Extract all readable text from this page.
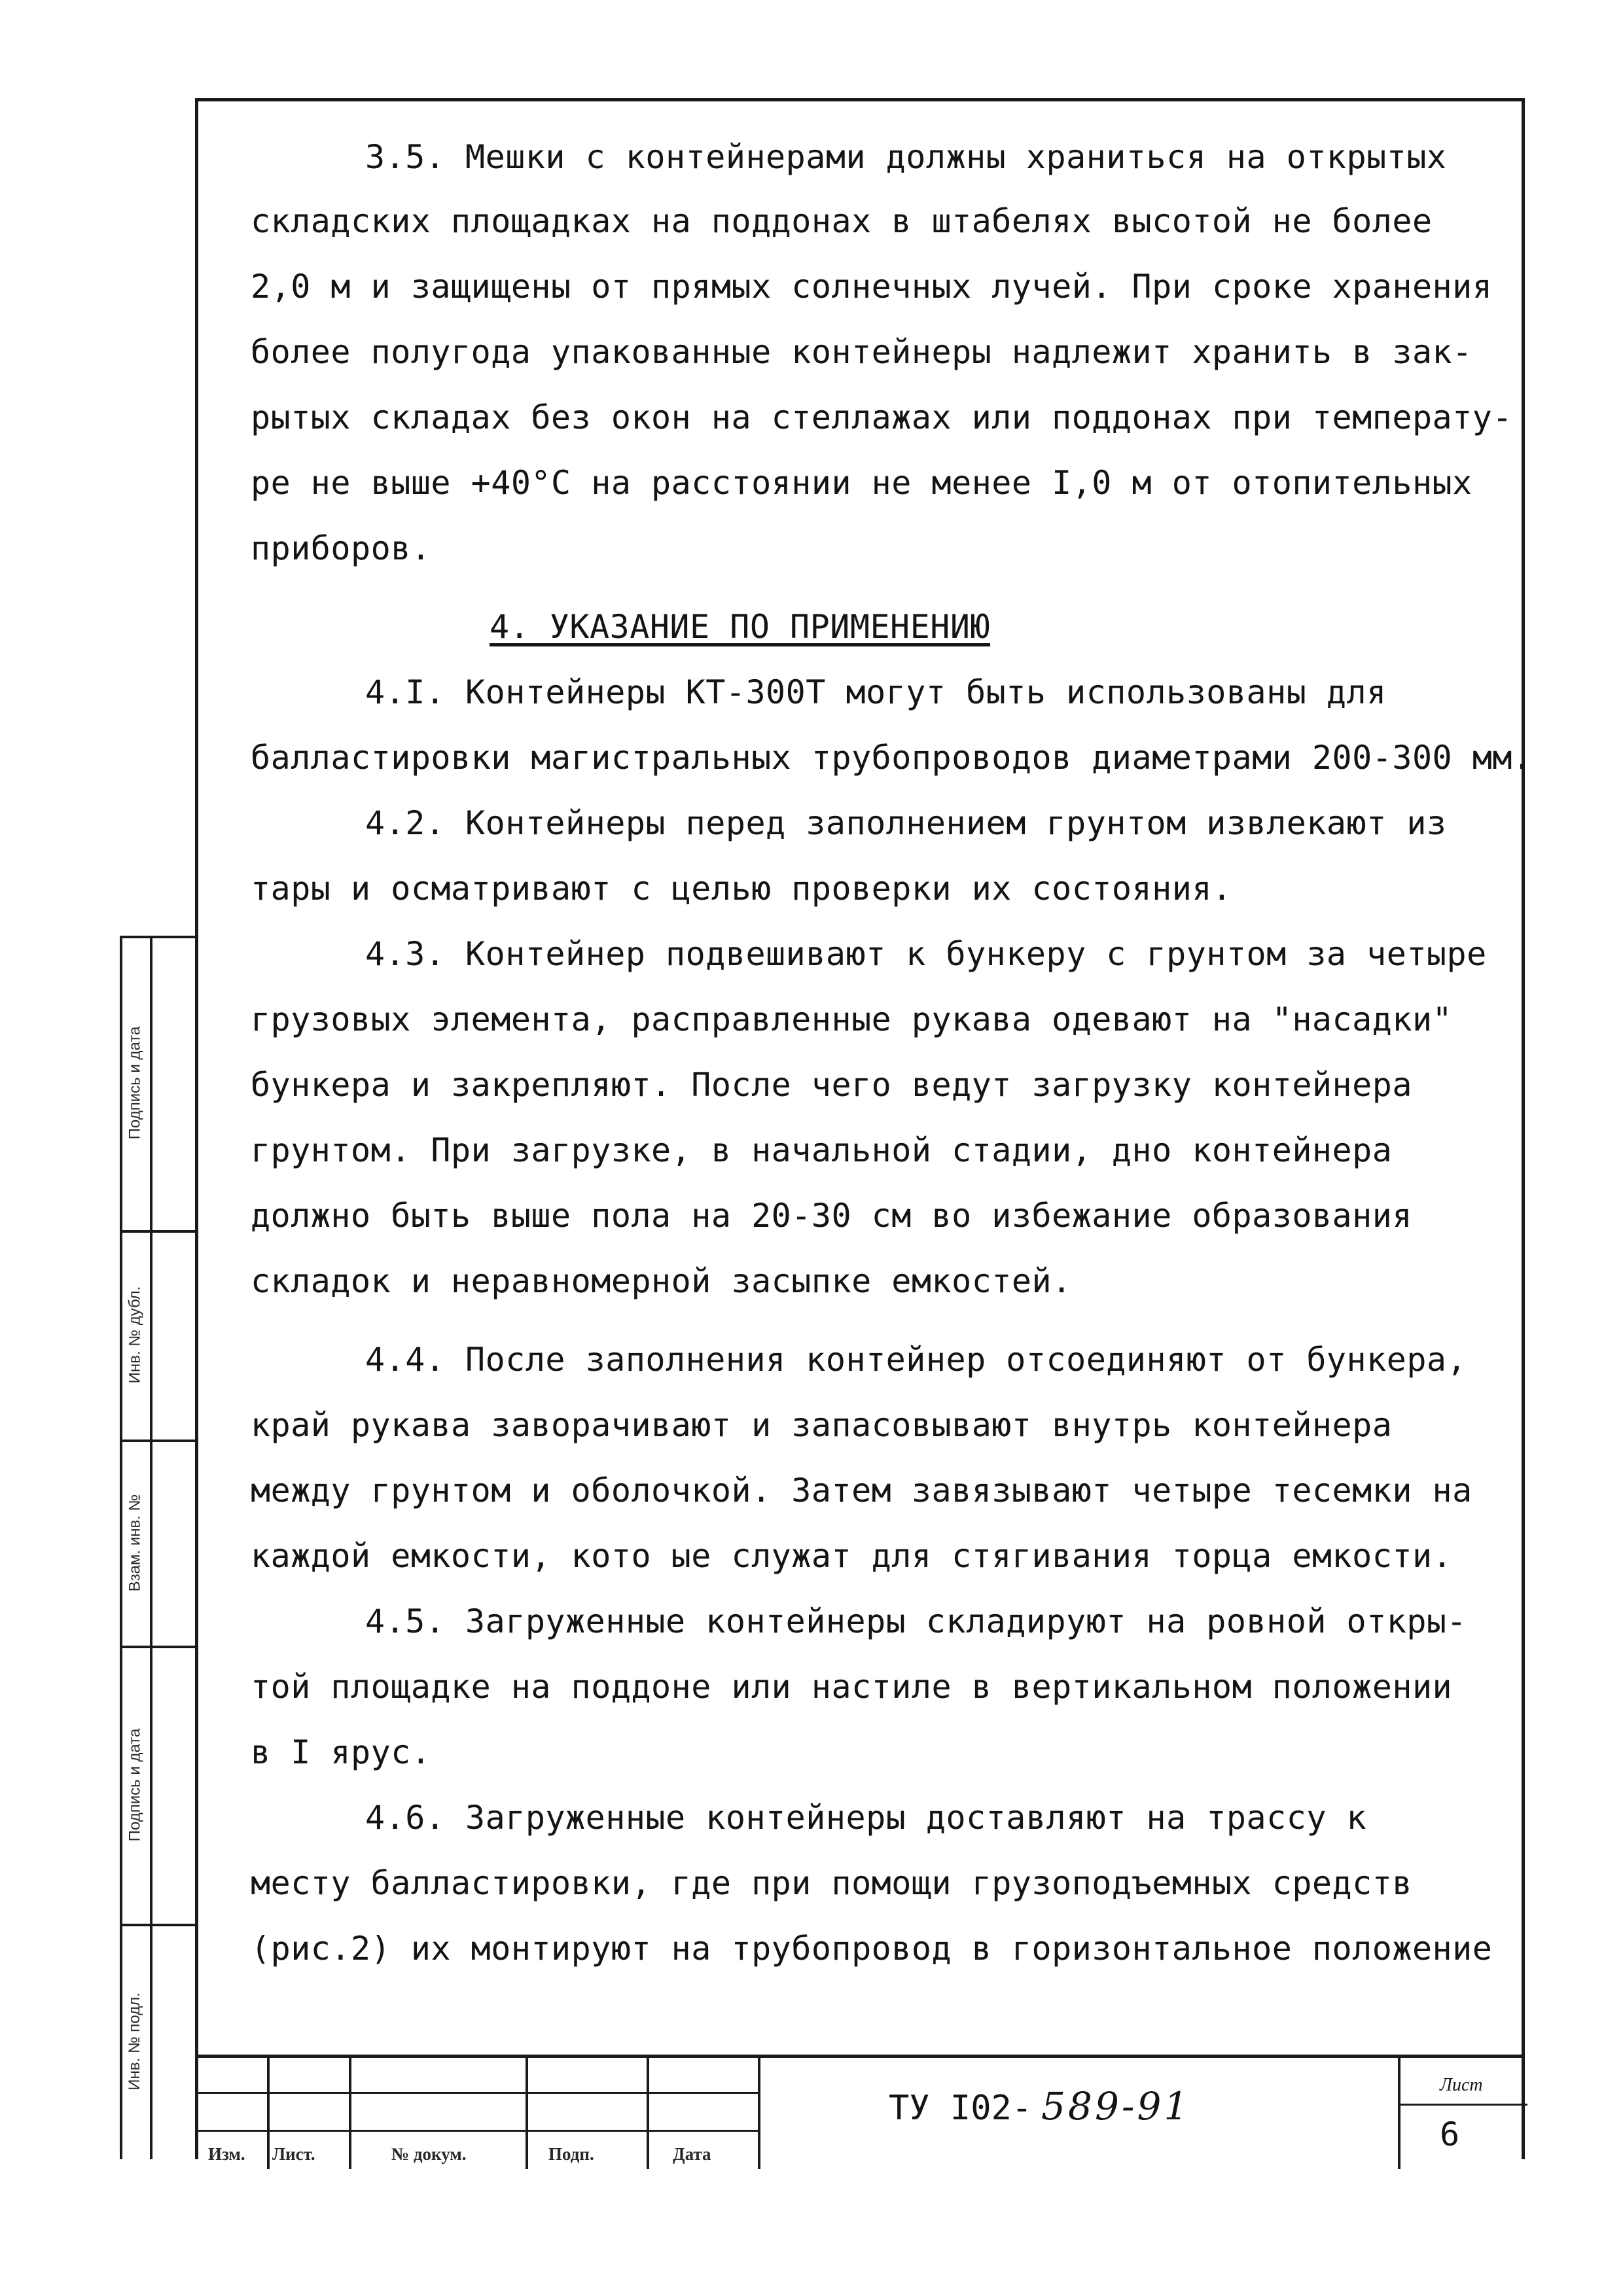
3.5. Мешки с контейнерами должны храниться на открытых
складских площадках на поддонах в штабелях высотой не более
2,0 м и защищены от прямых солнечных лучей. При сроке хранения
более полугода упакованные контейнеры надлежит хранить в зак-
рытых складах без окон на стеллажах или поддонах при температу-
ре не выше +40°С на расстоянии не менее I,0 м от отопительных
приборов.
4. УКАЗАНИЕ ПО ПРИМЕНЕНИЮ
4.I. Контейнеры КТ-300Т могут быть использованы для
балластировки магистральных трубопроводов диаметрами 200-300 мм.
4.2. Контейнеры перед заполнением грунтом извлекают из
тары и осматривают с целью проверки их состояния.
4.3. Контейнер подвешивают к бункеру с грунтом за четыре
грузовых элемента, расправленные рукава одевают на "насадки"
бункера и закрепляют. После чего ведут загрузку контейнера
грунтом. При загрузке, в начальной стадии, дно контейнера
должно быть выше пола на 20-30 см во избежание образования
складок и неравномерной засыпке емкостей.
4.4. После заполнения контейнер отсоединяют от бункера,
край рукава заворачивают и запасовывают внутрь контейнера
между грунтом и оболочкой. Затем завязывают четыре тесемки на
каждой емкости, кото ые служат для стягивания торца емкости.
4.5. Загруженные контейнеры складируют на ровной откры-
той площадке на поддоне или настиле в вертикальном положении
в I ярус.
4.6. Загруженные контейнеры доставляют на трассу к
месту балластировки, где при помощи грузоподъемных средств
(рис.2) их монтируют на трубопровод в горизонтальное положение
Подпись и дата
Инв. № дубл.
Взам. инв. №
Подпись и дата
Инв. № подл.
Изм. Лист.	№ докум.	Подп.	Дата
ТУ I02- 589-91	Лист
6
